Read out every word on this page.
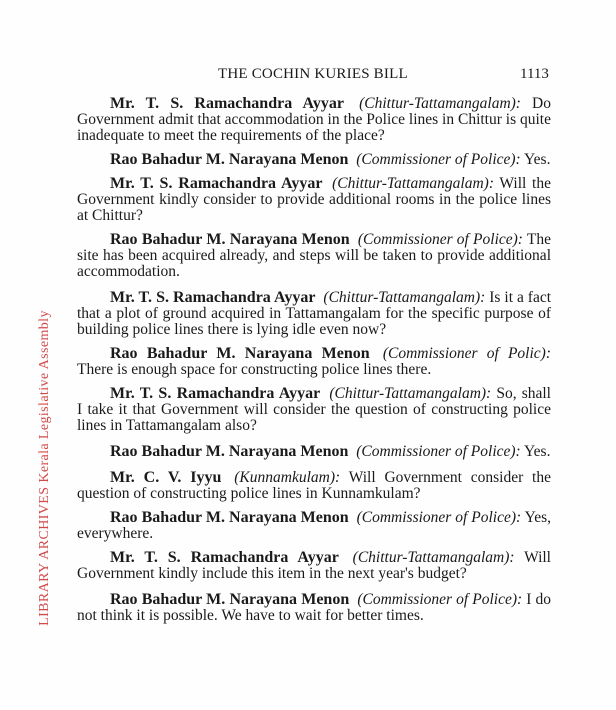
THE COCHIN KURIES BILL	1113
LIBRARY ARCHIVES Kerala Legislative Assembly

Mr. T. S. Ramachandra Ayyar (Chittur-Tattamangalam): Do Government admit that accommodation in the Police lines in Chittur is quite inadequate to meet the requirements of the place?

Rao Bahadur M. Narayana Menon (Commissioner of Police): Yes.

Mr. T. S. Ramachandra Ayyar (Chittur-Tattamangalam): Will the Government kindly consider to provide additional rooms in the police lines at Chittur?

Rao Bahadur M. Narayana Menon (Commissioner of Police): The site has been acquired already, and steps will be taken to provide additional accommodation.

Mr. T. S. Ramachandra Ayyar (Chittur-Tattamangalam): Is it a fact that a plot of ground acquired in Tattamangalam for the specific purpose of building police lines there is lying idle even now?

Rao Bahadur M. Narayana Menon (Commissioner of Polic): There is enough space for constructing police lines there.

Mr. T. S. Ramachandra Ayyar (Chittur-Tattamangalam): So, shall I take it that Government will consider the question of constructing police lines in Tattamangalam also?

Rao Bahadur M. Narayana Menon (Commissioner of Police): Yes.

Mr. C. V. Iyyu (Kunnamkulam): Will Government consider the question of constructing police lines in Kunnamkulam?

Rao Bahadur M. Narayana Menon (Commissioner of Police): Yes, everywhere.

Mr. T. S. Ramachandra Ayyar (Chittur-Tattamangalam): Will Government kindly include this item in the next year's budget?

Rao Bahadur M. Narayana Menon (Commissioner of Police): I do not think it is possible. We have to wait for better times.
